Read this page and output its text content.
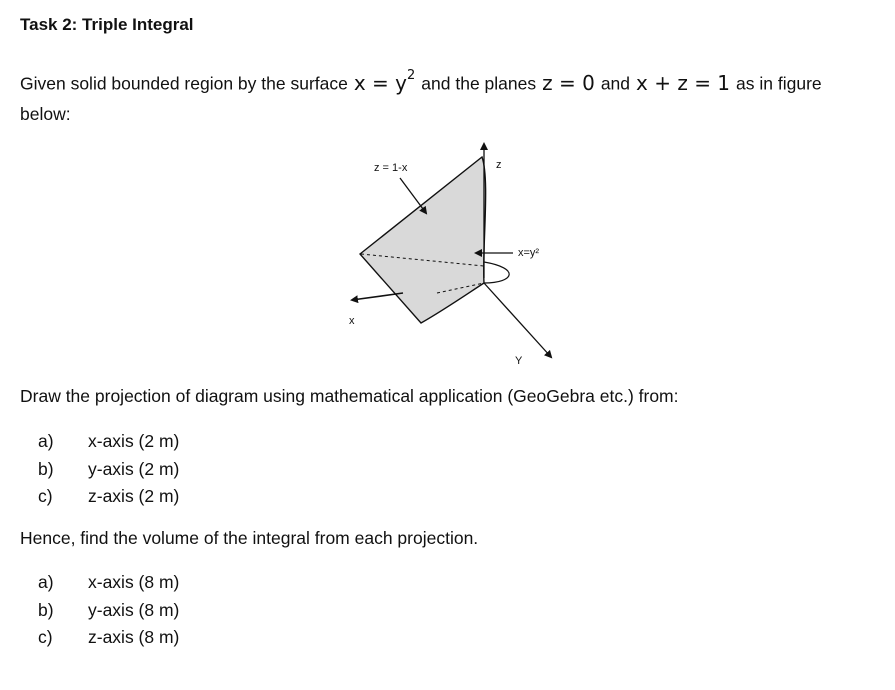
Task 2: Triple Integral
Given solid bounded region by the surface $x = y^2$ and the planes z = 0 and x + z = 1 as in figure
below:
z = 1-x	z
x=y²
x
Y
Draw the projection of diagram using mathematical application (GeoGebra etc.) from:
a) x-axis (2 m)
b) y-axis (2 m)
c) z-axis (2 m)
Hence, find the volume of the integral from each projection.
a) x-axis (8 m)
b) y-axis (8 m)
c) z-axis (8 m)
